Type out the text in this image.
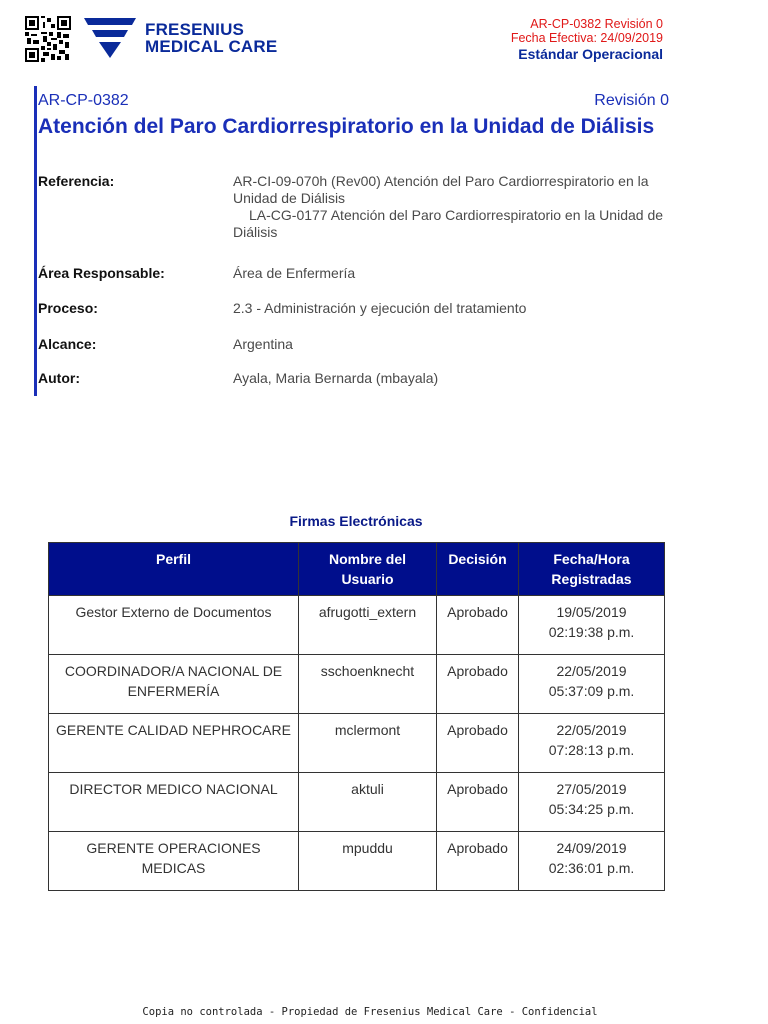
FRESENIUS
MEDICAL CARE
AR-CP-0382 Revisión 0
Fecha Efectiva: 24/09/2019
Estándar Operacional
AR-CP-0382	Revisión 0
Atención del Paro Cardiorrespiratorio en la Unidad de Diálisis
Referencia:	AR-CI-09-070h (Rev00) Atención del Paro Cardiorrespiratorio en la Unidad de Diálisis
LA-CG-0177 Atención del Paro Cardiorrespiratorio en la Unidad de Diálisis
Área Responsable:	Área de Enfermería
Proceso:	2.3 - Administración y ejecución del tratamiento
Alcance:	Argentina
Autor:	Ayala, Maria Bernarda (mbayala)
Firmas Electrónicas
Perfil	Nombre del Usuario	Decisión	Fecha/Hora Registradas
Gestor Externo de Documentos	afrugotti_extern	Aprobado	19/05/2019
02:19:38 p.m.

COORDINADOR/A NACIONAL DE ENFERMERÍA	sschoenknecht	Aprobado	22/05/2019
05:37:09 p.m.

GERENTE CALIDAD NEPHROCARE	mclermont	Aprobado	22/05/2019
07:28:13 p.m.

DIRECTOR MEDICO NACIONAL	aktuli	Aprobado	27/05/2019
05:34:25 p.m.

GERENTE OPERACIONES MEDICAS	mpuddu	Aprobado	24/09/2019
02:36:01 p.m.
Copia no controlada - Propiedad de Fresenius Medical Care - Confidencial
